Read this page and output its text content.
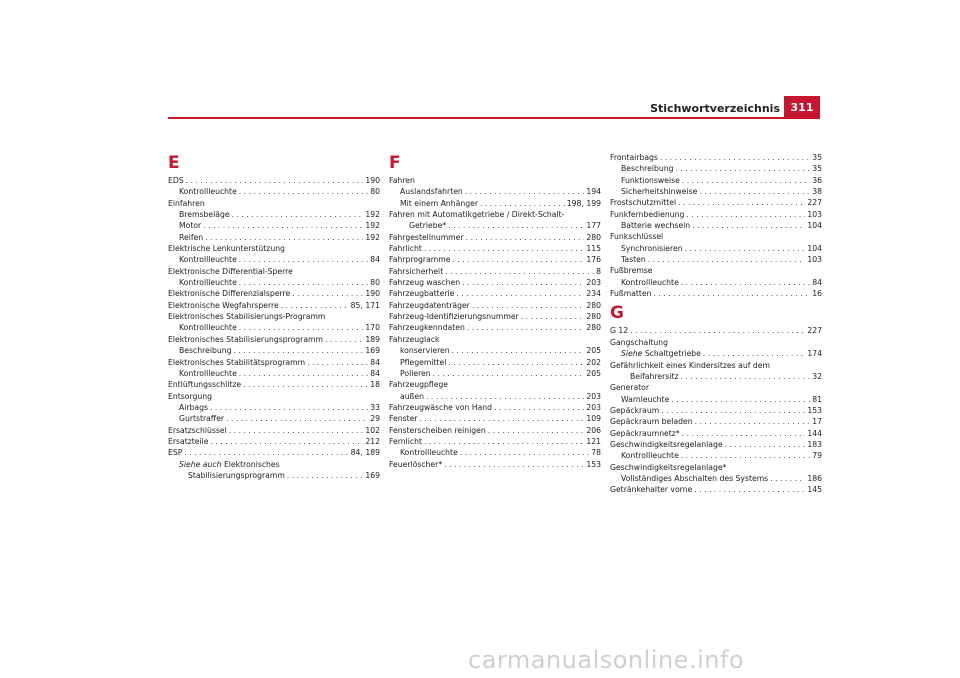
Stichwortverzeichnis 311
E
EDS . . .	190
Kontrollleuchte . . .	80
Einfahren
Bremsbeläge . . .	192
Motor . . .	192
Reifen . . .	192
Elektrische Lenkunterstützung
Kontrollleuchte . . .	84
Elektronische Differential-Sperre
Kontrollleuchte . . .	80
Elektronische Differenzialsperre . . .	190
Elektronische Wegfahrsperre . . .	85, 171
Elektronisches Stabilisierungs-Programm
Kontrollleuchte . . .	170
Elektronisches Stabilisierungsprogramm . . .	189
Beschreibung . . .	169
Elektronisches Stabilitätsprogramm . . .	84
Kontrollleuchte . . .	84
Entlüftungsschlitze . . .	18
Entsorgung
Airbags . . .	33
Gurtstraffer . . .	29
Ersatzschlüssel . . .	102
Ersatzteile . . .	212
ESP . . .	84, 189
Siehe auch Elektronisches
Stabilisierungsprogramm . . .	169
F
Fahren
Auslandsfahrten . . .	194
Mit einem Anhänger . . .	198, 199
Fahren mit Automatikgetriebe / Direkt-Schalt-
Getriebe* . . .	177
Fahrgestellnummer . . .	280
Fahrlicht . . .	115
Fahrprogramme . . .	176
Fahrsicherheit . . .	8
Fahrzeug waschen . . .	203
Fahrzeugbatterie . . .	234
Fahrzeugdatenträger . . .	280
Fahrzeug-Identifizierungsnummer . . .	280
Fahrzeugkenndaten . . .	280
Fahrzeuglack
konservieren . . .	205
Pflegemittel . . .	202
Polieren . . .	205
Fahrzeugpflege
außen . . .	203
Fahrzeugwäsche von Hand . . .	203
Fenster . . .	109
Fensterscheiben reinigen . . .	206
Fernlicht . . .	121
Kontrollleuchte . . .	78
Feuerlöscher* . . .	153
Frontairbags . . .	35
Beschreibung . . .	35
Funktionsweise . . .	36
Sicherheitshinweise . . .	38
Frostschutzmittel . . .	227
Funkfernbedienung . . .	103
Batterie wechseln . . .	104
Funkschlüssel
Synchronisieren . . .	104
Tasten . . .	103
Fußbremse
Kontrollleuchte . . .	84
Fußmatten . . .	16
G
G 12 . . .	227
Gangschaltung
Siehe Schaltgetriebe . . .	174
Gefährlichkeit eines Kindersitzes auf dem
Beifahrersitz . . .	32
Generator
Warnleuchte . . .	81
Gepäckraum . . .	153
Gepäckraum beladen . . .	17
Gepäckraumnetz* . . .	144
Geschwindigkeitsregelanlage . . .	183
Kontrollleuchte . . .	79
Geschwindigkeitsregelanlage*
Vollständiges Abschalten des Systems . . .	186
Getränkehalter vorne . . .	145
carmanualsonline.info
